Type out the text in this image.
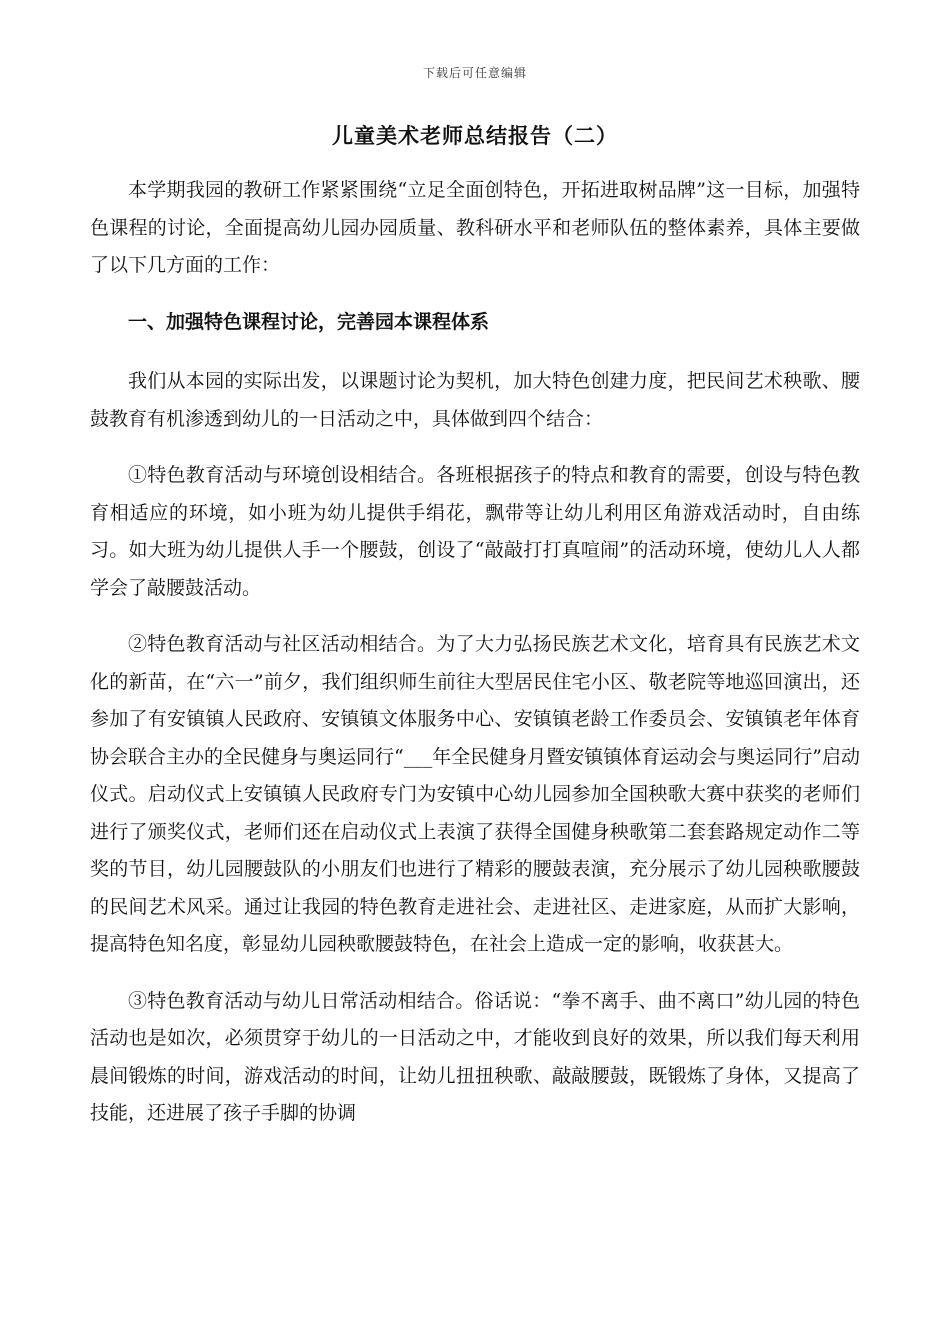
下载后可任意编辑
儿童美术老师总结报告（二）

本学期我园的教研工作紧紧围绕“立足全面创特色，开拓进取树品牌”这一目标，加强特色课程的讨论，全面提高幼儿园办园质量、教科研水平和老师队伍的整体素养，具体主要做了以下几方面的工作：

一、加强特色课程讨论，完善园本课程体系

我们从本园的实际出发，以课题讨论为契机，加大特色创建力度，把民间艺术秧歌、腰鼓教育有机渗透到幼儿的一日活动之中，具体做到四个结合：

①特色教育活动与环境创设相结合。各班根据孩子的特点和教育的需要，创设与特色教育相适应的环境，如小班为幼儿提供手绢花，飘带等让幼儿利用区角游戏活动时，自由练习。如大班为幼儿提供人手一个腰鼓，创设了“敲敲打打真喧闹”的活动环境，使幼儿人人都学会了敲腰鼓活动。

②特色教育活动与社区活动相结合。为了大力弘扬民族艺术文化，培育具有民族艺术文化的新苗，在“六一”前夕，我们组织师生前往大型居民住宅小区、敬老院等地巡回演出，还参加了有安镇镇人民政府、安镇镇文体服务中心、安镇镇老龄工作委员会、安镇镇老年体育协会联合主办的全民健身与奥运同行“___年全民健身月暨安镇镇体育运动会与奥运同行”启动仪式。启动仪式上安镇镇人民政府专门为安镇中心幼儿园参加全国秧歌大赛中获奖的老师们进行了颁奖仪式，老师们还在启动仪式上表演了获得全国健身秧歌第二套套路规定动作二等奖的节目，幼儿园腰鼓队的小朋友们也进行了精彩的腰鼓表演，充分展示了幼儿园秧歌腰鼓的民间艺术风采。通过让我园的特色教育走进社会、走进社区、走进家庭，从而扩大影响，提高特色知名度，彰显幼儿园秧歌腰鼓特色，在社会上造成一定的影响，收获甚大。

③特色教育活动与幼儿日常活动相结合。俗话说：“拳不离手、曲不离口”幼儿园的特色活动也是如次，必须贯穿于幼儿的一日活动之中，才能收到良好的效果，所以我们每天利用晨间锻炼的时间，游戏活动的时间，让幼儿扭扭秧歌、敲敲腰鼓，既锻炼了身体，又提高了技能，还进展了孩子手脚的协调
